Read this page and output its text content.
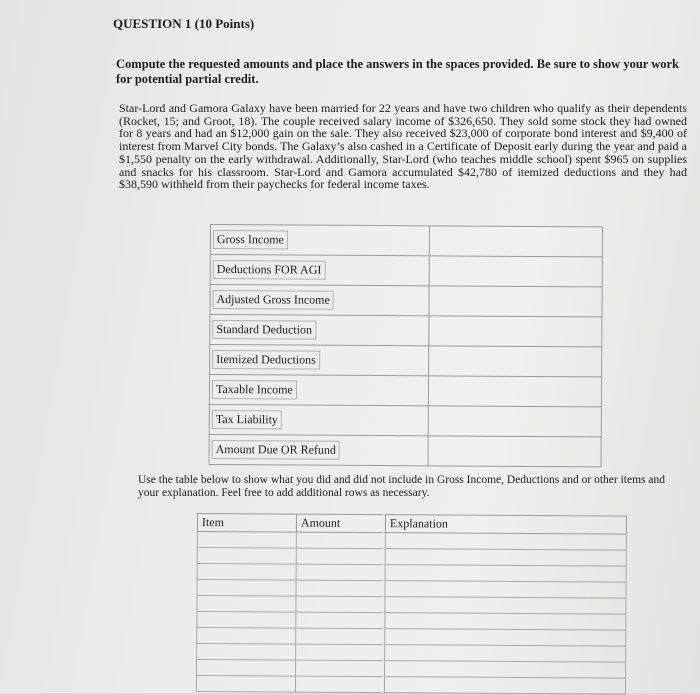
QUESTION 1 (10 Points)
Compute the requested amounts and place the answers in the spaces provided. Be sure to show your work for potential partial credit.
Star-Lord and Gamora Galaxy have been married for 22 years and have two children who qualify as their dependents (Rocket, 15; and Groot, 18). The couple received salary income of $326,650. They sold some stock they had owned for 8 years and had an $12,000 gain on the sale. They also received $23,000 of corporate bond interest and $9,400 of interest from Marvel City bonds. The Galaxy’s also cashed in a Certificate of Deposit early during the year and paid a $1,550 penalty on the early withdrawal. Additionally, Star-Lord (who teaches middle school) spent $965 on supplies and snacks for his classroom. Star-Lord and Gamora accumulated $42,780 of itemized deductions and they had $38,590 withheld from their paychecks for federal income taxes.
Gross Income	
Deductions FOR AGI	
Adjusted Gross Income	
Standard Deduction	
Itemized Deductions	
Taxable Income	
Tax Liability	
Amount Due OR Refund	
Use the table below to show what you did and did not include in Gross Income, Deductions and or other items and your explanation. Feel free to add additional rows as necessary.
Item	Amount	Explanation
